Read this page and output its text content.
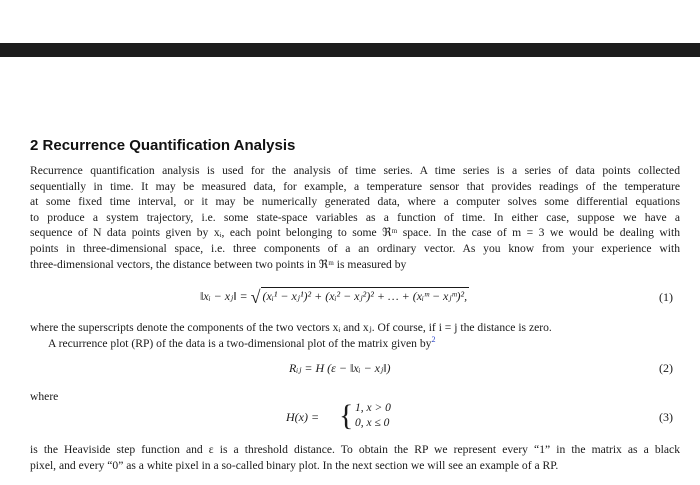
2 Recurrence Quantification Analysis
Recurrence quantification analysis is used for the analysis of time series. A time series is a series of data points collected
sequentially in time. It may be measured data, for example, a temperature sensor that provides readings of the temperature
at some fixed time interval, or it may be numerically generated data, where a computer solves some differential equations
to produce a system trajectory, i.e. some state-space variables as a function of time. In either case, suppose we have a
sequence of N data points given by xᵢ, each point belonging to some ℜᵐ space. In the case of m = 3 we would be dealing with
points in three-dimensional space, i.e. three components of a an ordinary vector. As you know from your experience with
three-dimensional vectors, the distance between two points in ℜᵐ is measured by
‖xᵢ − xⱼ‖ = √ (xᵢ¹ − xⱼ¹)² + (xᵢ² − xⱼ²)² + … + (xᵢᵐ − xⱼᵐ)²,	(1)
where the superscripts denote the components of the two vectors xᵢ and xⱼ. Of course, if i = j the distance is zero.
A recurrence plot (RP) of the data is a two-dimensional plot of the matrix given by$^2$
Rᵢⱼ = H (ε − ‖xᵢ − xⱼ‖)	(2)
where
H(x) = { 1, x > 0
0, x ≤ 0	(3)
is the Heaviside step function and ε is a threshold distance. To obtain the RP we represent every “1” in the matrix as a black
pixel, and every “0” as a white pixel in a so-called binary plot. In the next section we will see an example of a RP.
